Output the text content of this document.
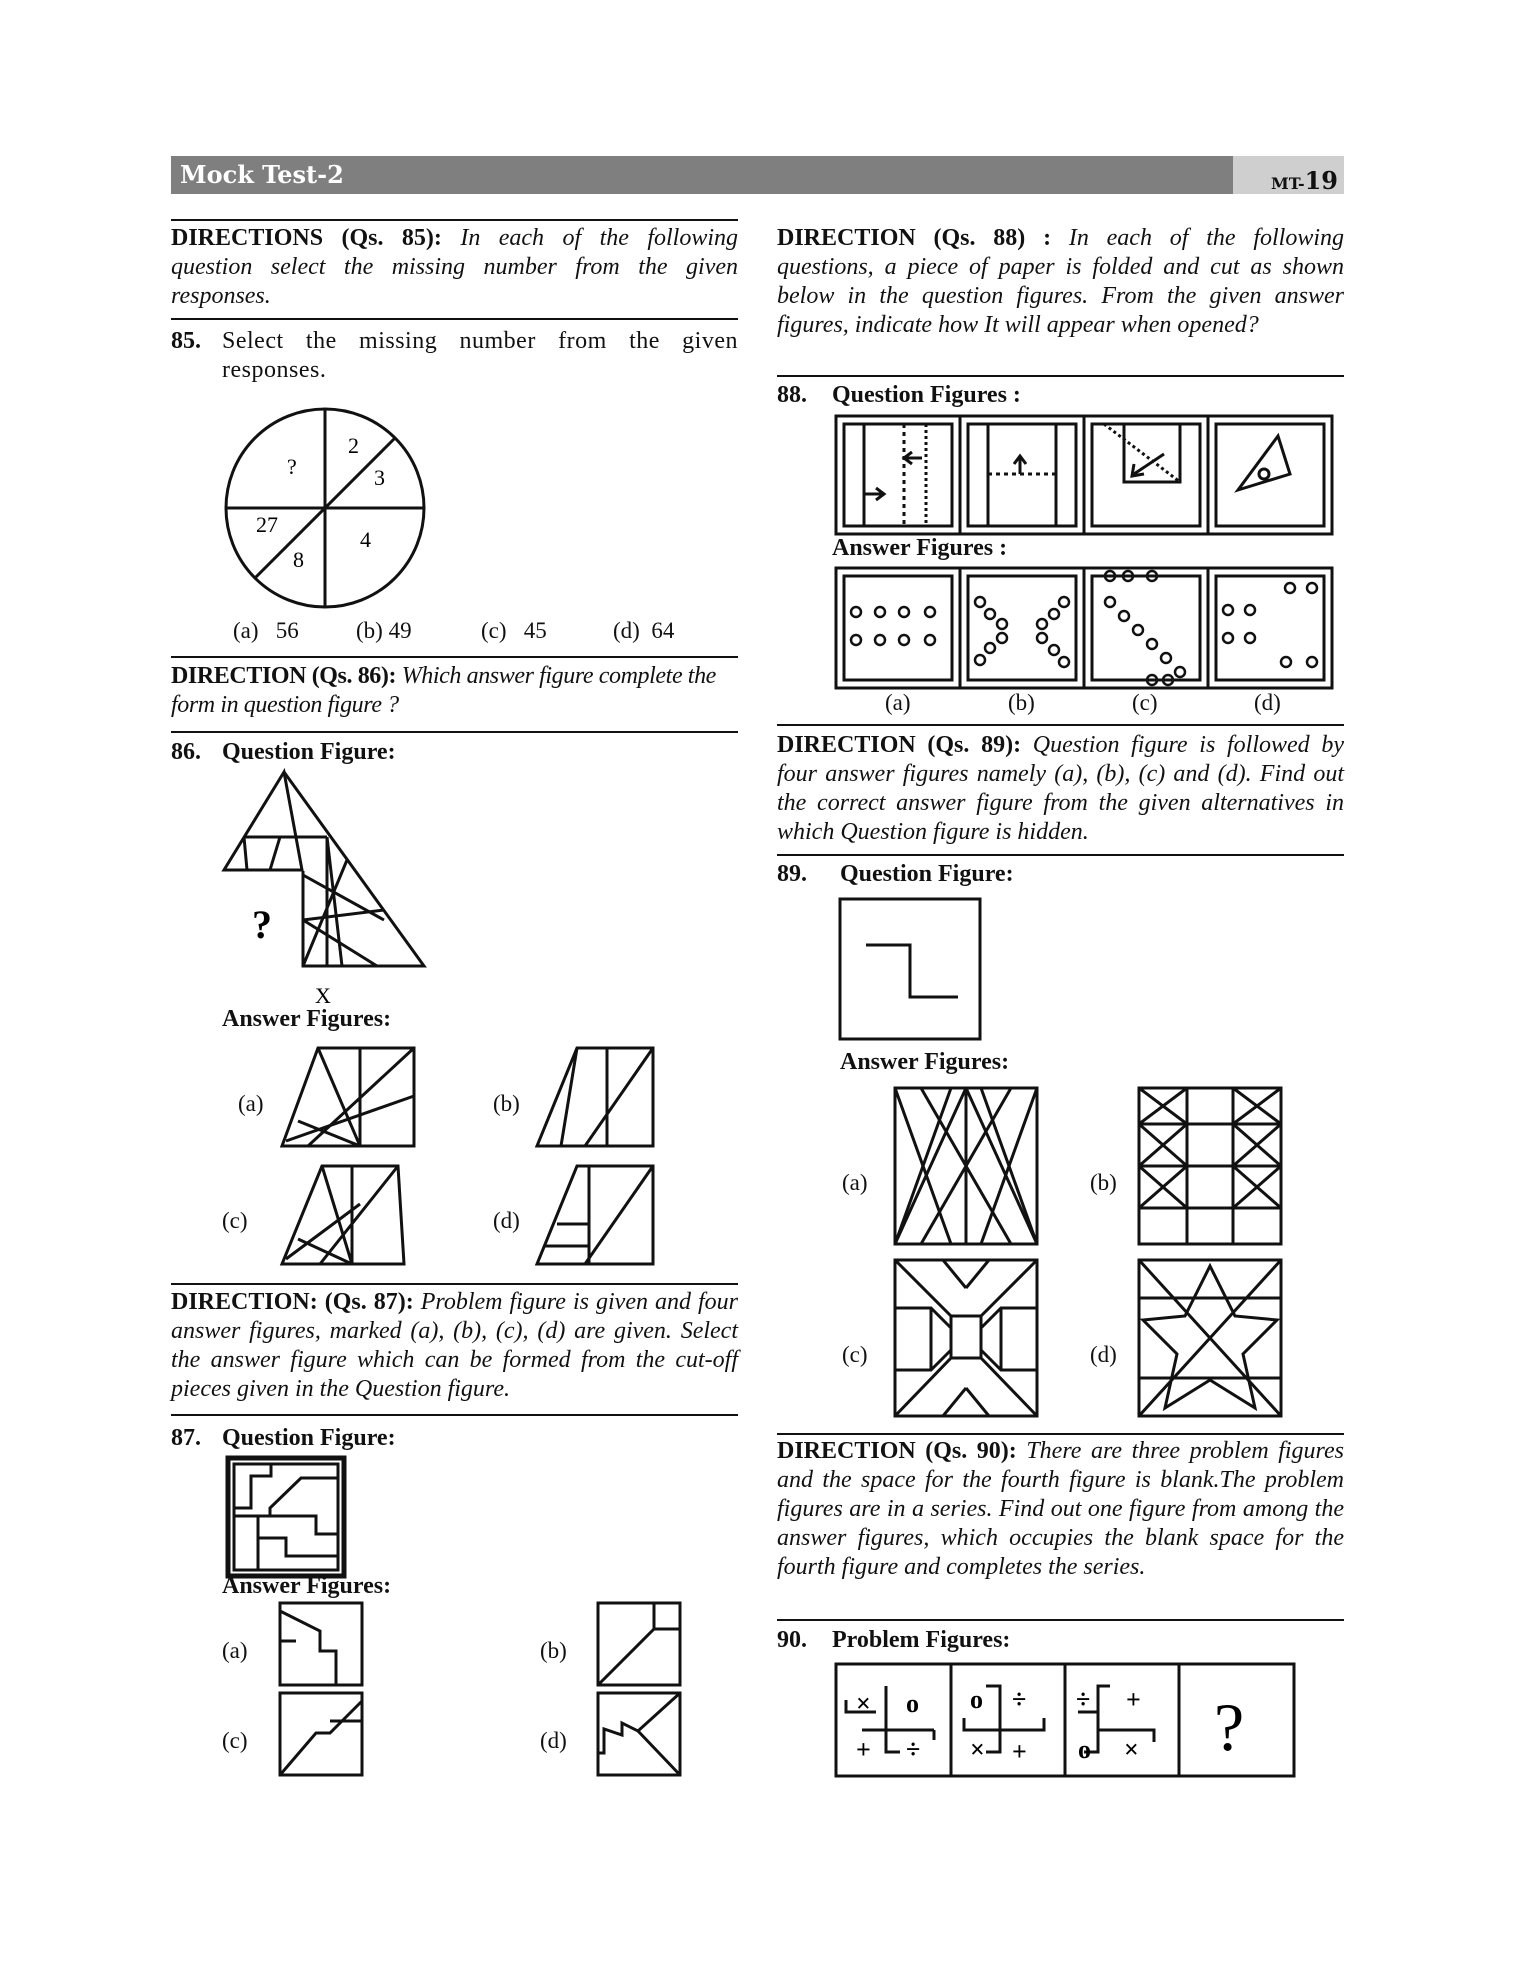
Mock Test-2	MT-19
DIRECTIONS (Qs. 85): In each of the following question select the missing number from the given responses.
85. Select the missing number from the given responses.
?
2
3
27
8
4
(a) 56 (b) 49	(c) 45	(d) 64
DIRECTION (Qs. 86): Which answer figure complete the form in question figure ?
86. Question Figure:
?
X
Answer Figures:
(a)	(b)
(c)	(d)
DIRECTION: (Qs. 87): Problem figure is given and four answer figures, marked (a), (b), (c), (d) are given. Select the answer figure which can be formed from the cut-off pieces given in the Question figure.
87. Question Figure:
Answer Figures:
(a)	(b)
(c)	(d)
DIRECTION (Qs. 88) : In each of the following questions, a piece of paper is folded and cut as shown below in the question figures. From the given answer figures, indicate how It will appear when opened?
88. Question Figures :
Answer Figures :
(a)	(b)	(c)	(d)
DIRECTION (Qs. 89): Question figure is followed by four answer figures namely (a), (b), (c) and (d). Find out the correct answer figure from the given alternatives in which Question figure is hidden.
89. Question Figure:
Answer Figures:
(a)	(b)
(c)	(d)
DIRECTION (Qs. 90): There are three problem figures and the space for the fourth figure is blank.The problem figures are in a series. Find out one figure from among the answer figures, which occupies the blank space for the fourth figure and completes the series.
90. Problem Figures:
× o
+ ÷
o ÷
× +
÷ +
o × ?
